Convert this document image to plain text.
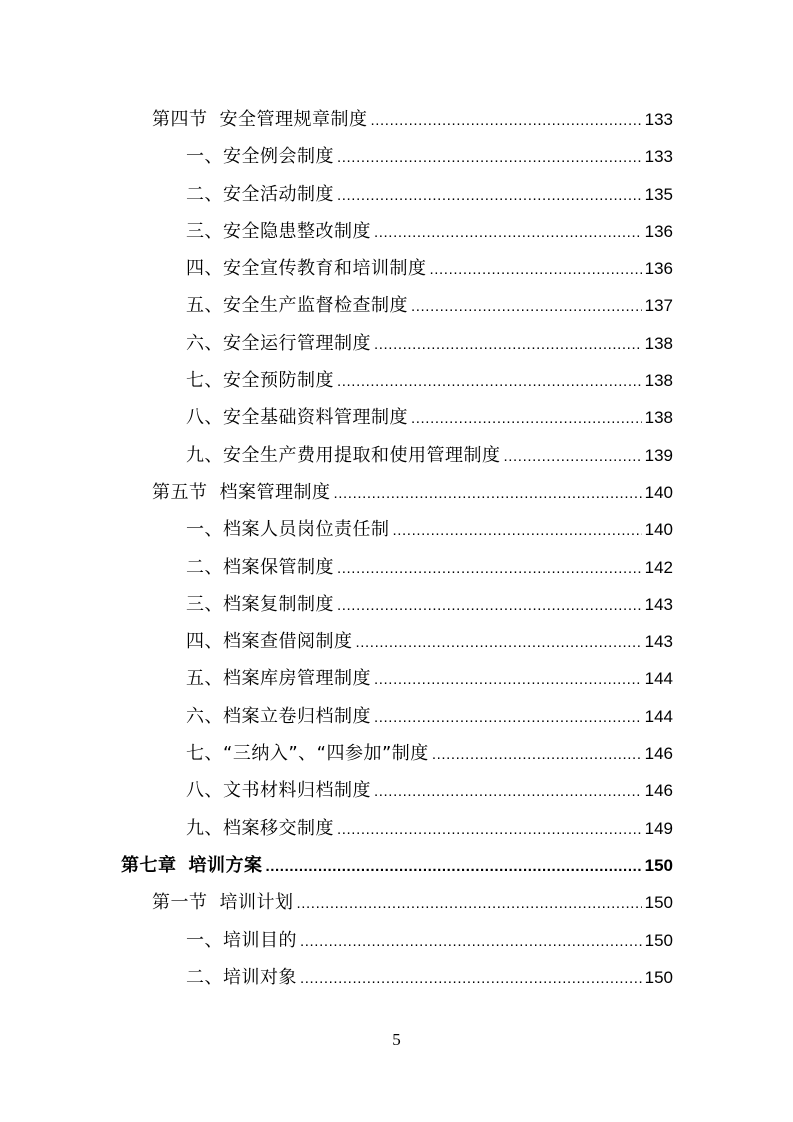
第四节 安全管理规章制度 .....	133
一、安全例会制度 .....	133
二、安全活动制度 .....	135
三、安全隐患整改制度 .....	136
四、安全宣传教育和培训制度 .....	136
五、安全生产监督检查制度 .....	137
六、安全运行管理制度 .....	138
七、安全预防制度 .....	138
八、安全基础资料管理制度 .....	138
九、安全生产费用提取和使用管理制度 .....	139
第五节 档案管理制度 .....	140
一、档案人员岗位责任制 .....	140
二、档案保管制度 .....	142
三、档案复制制度 .....	143
四、档案查借阅制度 .....	143
五、档案库房管理制度 .....	144
六、档案立卷归档制度 .....	144
七、“三纳入”、“四参加”制度 .....	146
八、文书材料归档制度 .....	146
九、档案移交制度 .....	149
第七章 培训方案 .....	150
第一节 培训计划 .....	150
一、培训目的 .....	150
二、培训对象 .....	150
5
